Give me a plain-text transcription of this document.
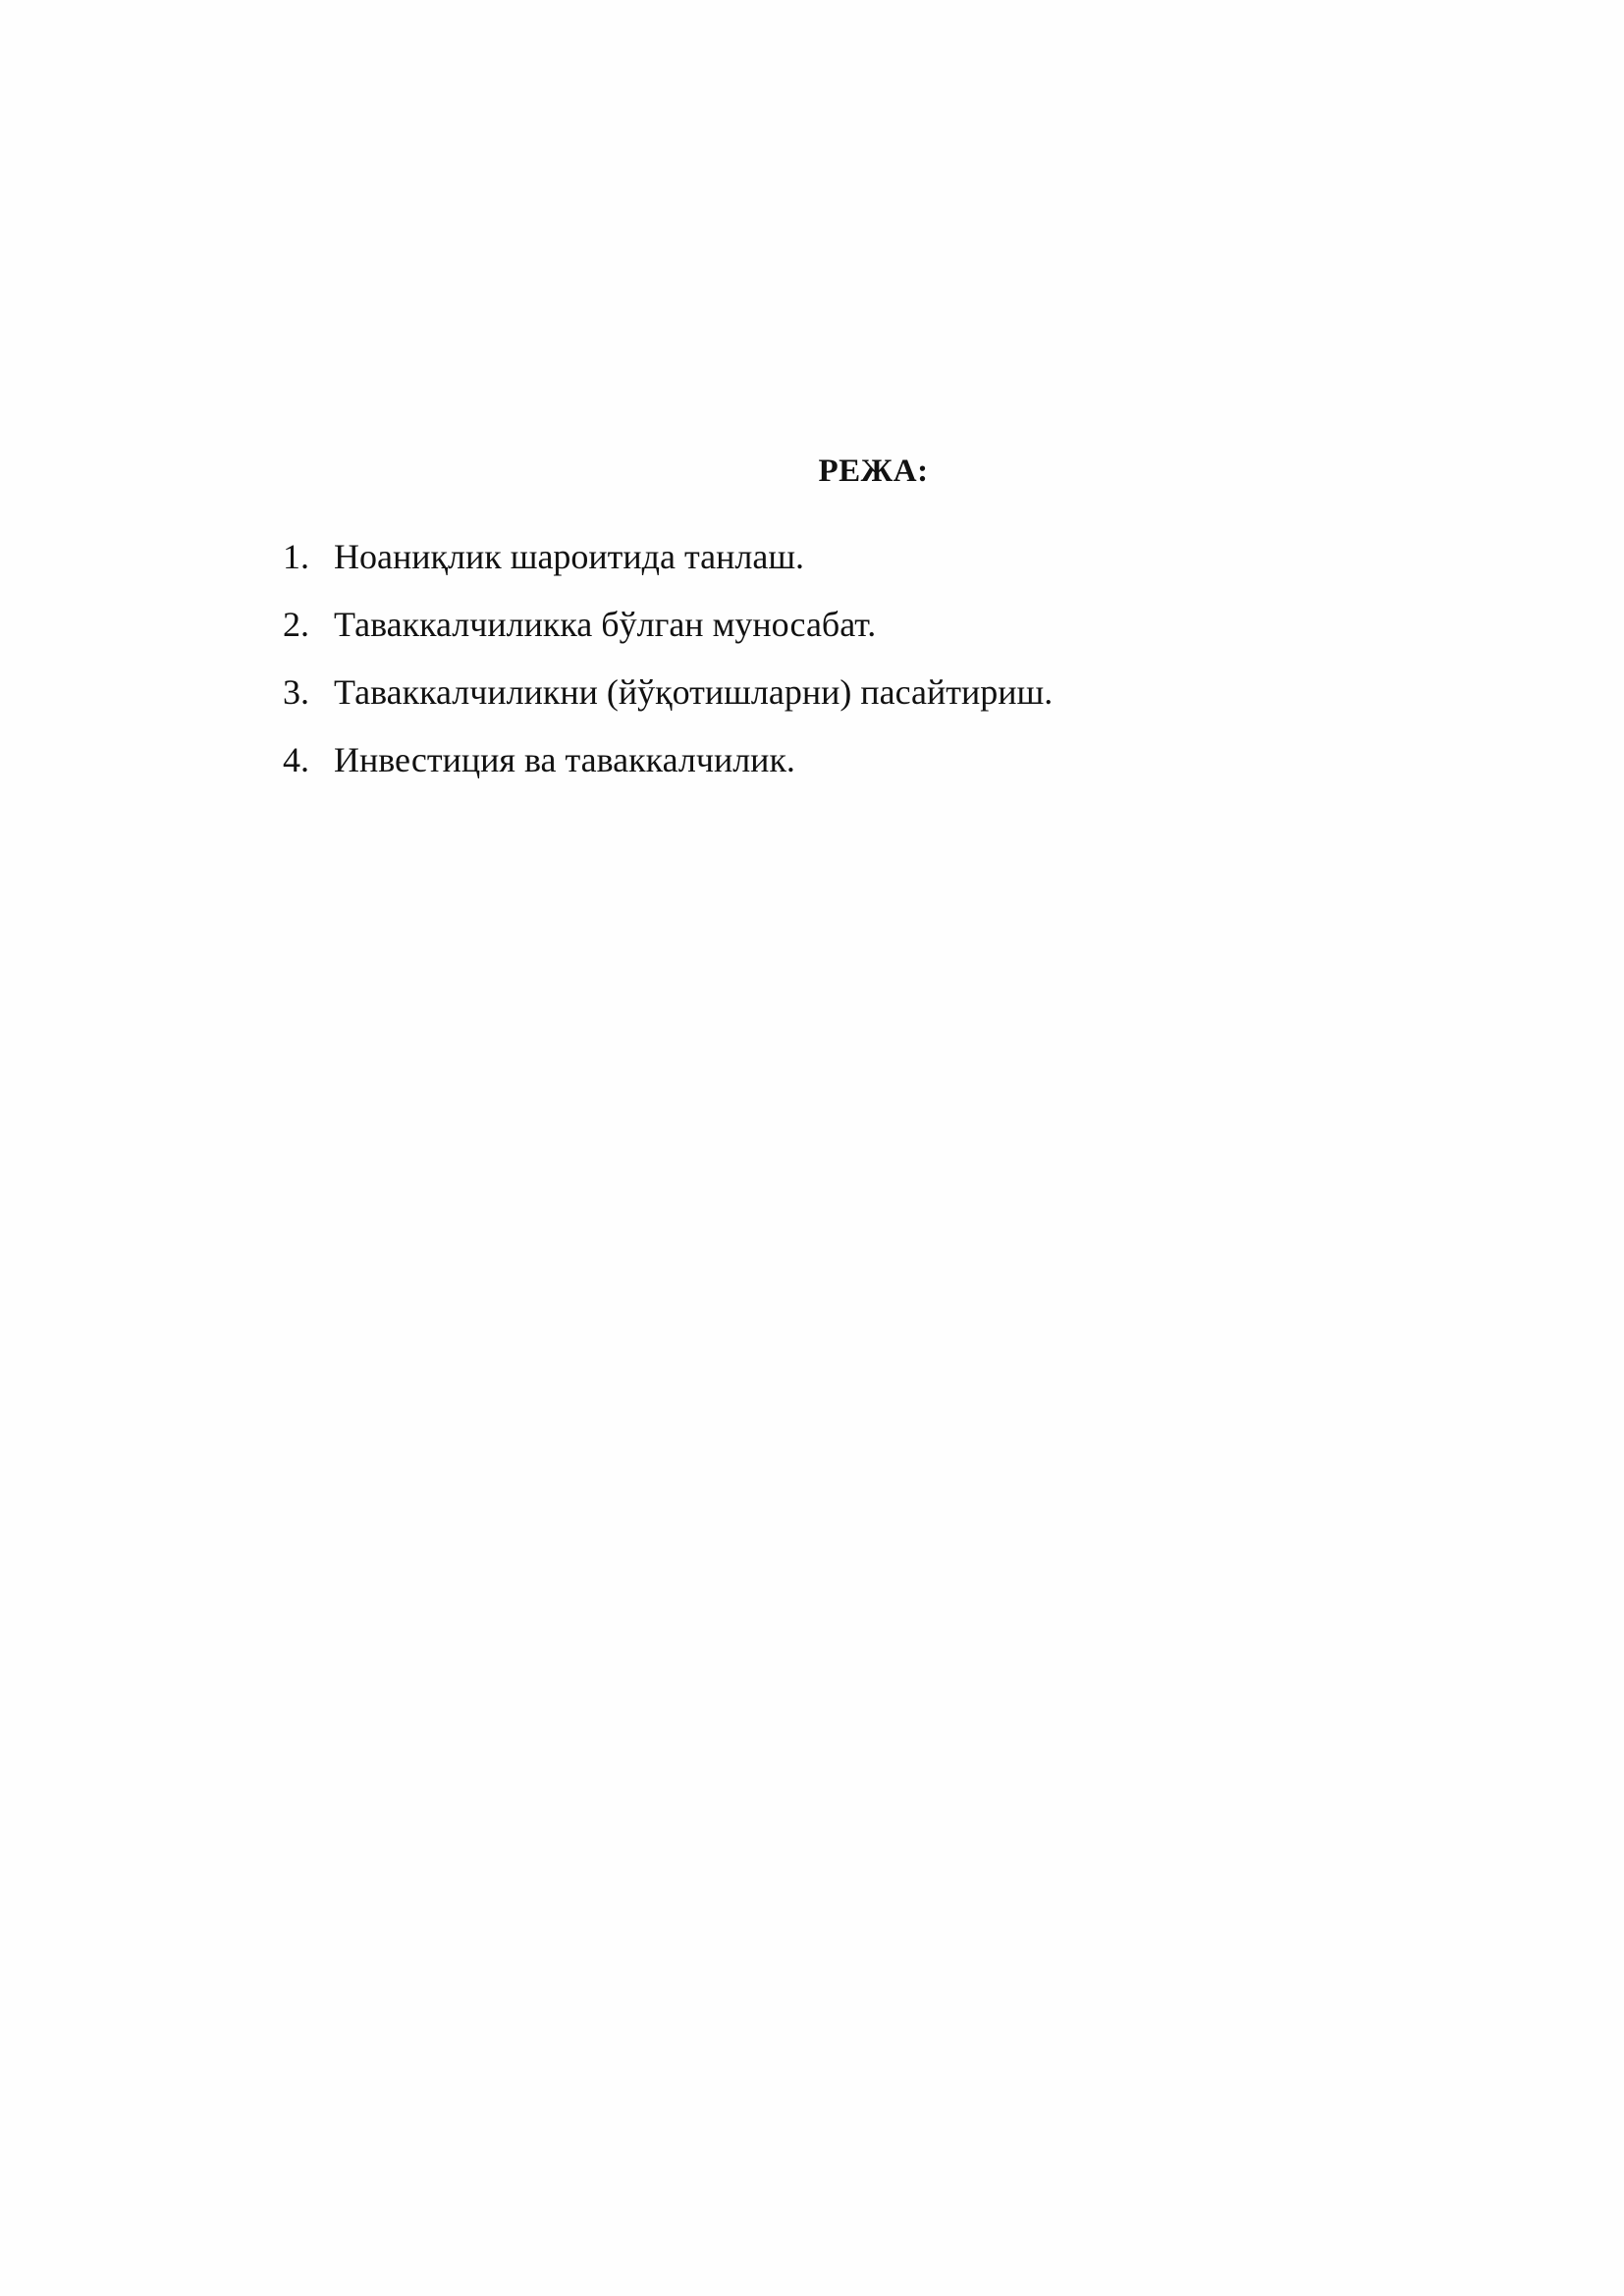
РЕЖА:
1. Ноаниқлик шароитида танлаш.
2. Таваккалчиликка бўлган муносабат.
3. Таваккалчиликни (йўқотишларни) пасайтириш.
4. Инвестиция ва таваккалчилик.
